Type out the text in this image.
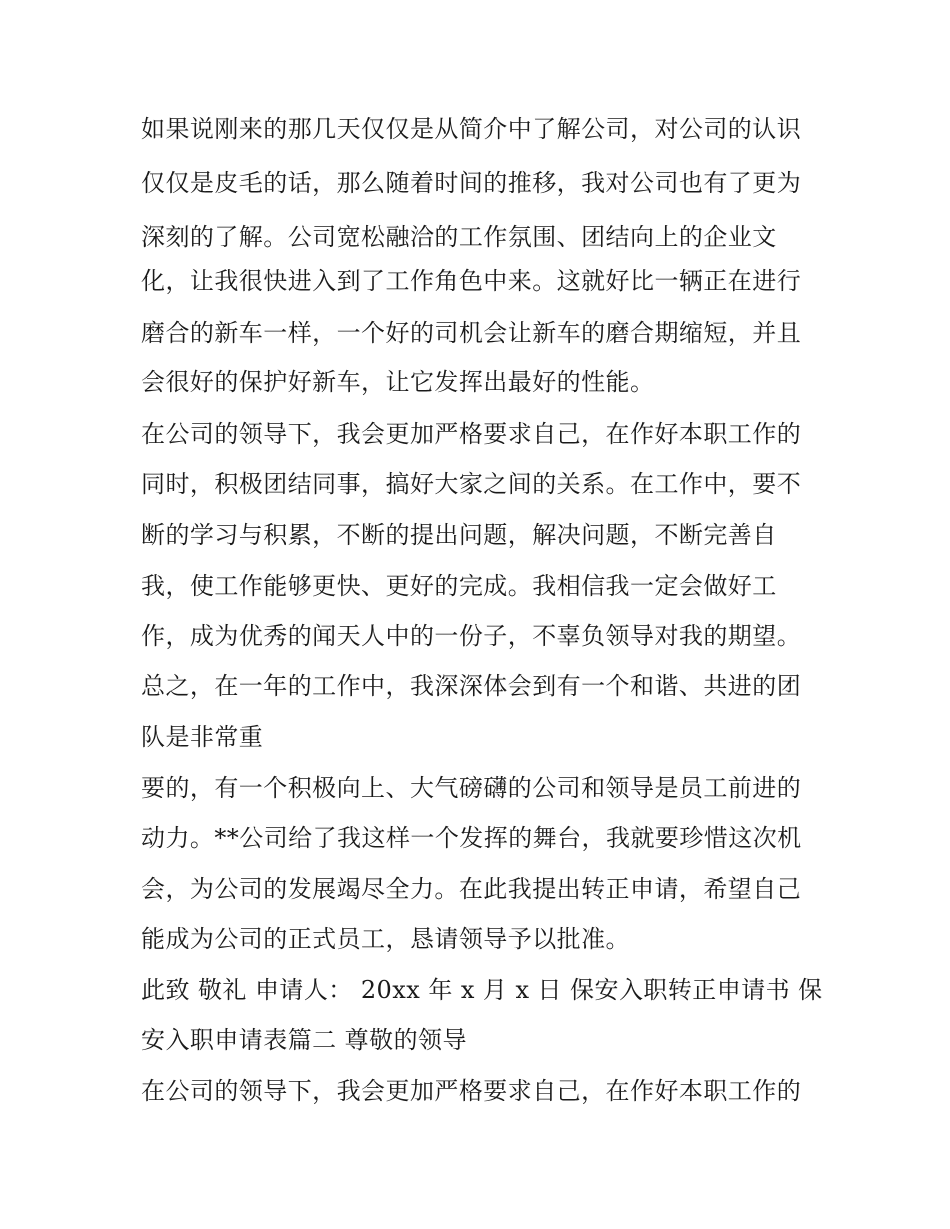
如果说刚来的那几天仅仅是从简介中了解公司，对公司的认识
仅仅是皮毛的话，那么随着时间的推移，我对公司也有了更为
深刻的了解。公司宽松融洽的工作氛围、团结向上的企业文
化，让我很快进入到了工作角色中来。这就好比一辆正在进行
磨合的新车一样，一个好的司机会让新车的磨合期缩短，并且
会很好的保护好新车，让它发挥出最好的性能。
在公司的领导下，我会更加严格要求自己，在作好本职工作的
同时，积极团结同事，搞好大家之间的关系。在工作中，要不
断的学习与积累，不断的提出问题，解决问题，不断完善自
我，使工作能够更快、更好的完成。我相信我一定会做好工
作，成为优秀的闻天人中的一份子，不辜负领导对我的期望。
总之，在一年的工作中，我深深体会到有一个和谐、共进的团
队是非常重
要的，有一个积极向上、大气磅礴的公司和领导是员工前进的
动力。**公司给了我这样一个发挥的舞台，我就要珍惜这次机
会，为公司的发展竭尽全力。在此我提出转正申请，希望自己
能成为公司的正式员工，恳请领导予以批准。
此致 敬礼 申请人： 20xx 年 x 月 x 日 保安入职转正申请书 保
安入职申请表篇二 尊敬的领导
在公司的领导下，我会更加严格要求自己，在作好本职工作的
